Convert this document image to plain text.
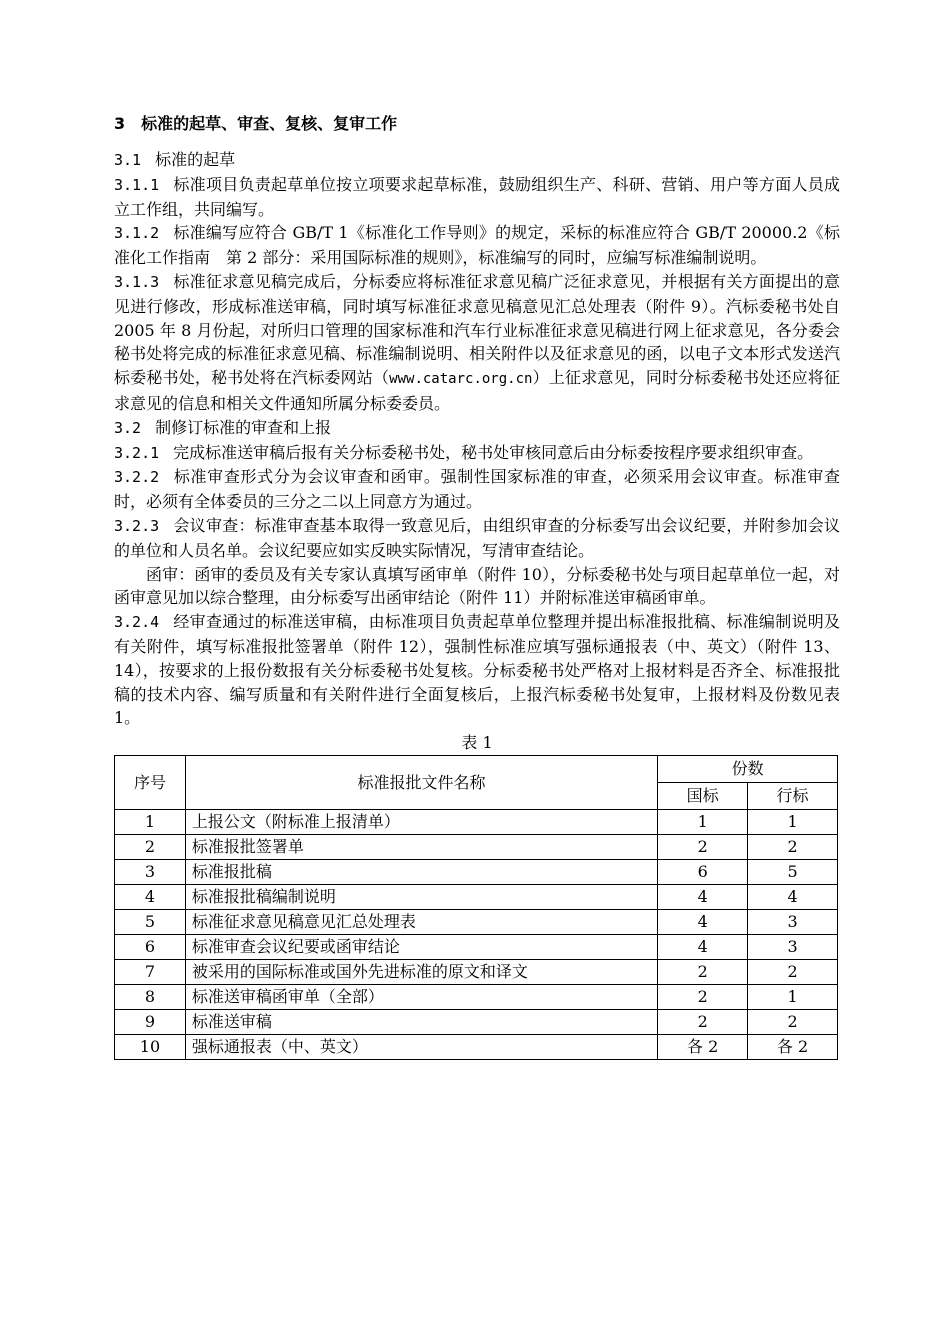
3　标准的起草、审查、复核、复审工作

3.1 标准的起草

3.1.1 标准项目负责起草单位按立项要求起草标准，鼓励组织生产、科研、营销、用户等方面人员成立工作组，共同编写。

3.1.2 标准编写应符合 GB/T 1《标准化工作导则》的规定，采标的标准应符合 GB/T 20000.2《标准化工作指南　第 2 部分：采用国际标准的规则》，标准编写的同时，应编写标准编制说明。

3.1.3 标准征求意见稿完成后，分标委应将标准征求意见稿广泛征求意见，并根据有关方面提出的意见进行修改，形成标准送审稿，同时填写标准征求意见稿意见汇总处理表（附件 9）。汽标委秘书处自 2005 年 8 月份起，对所归口管理的国家标准和汽车行业标准征求意见稿进行网上征求意见，各分委会秘书处将完成的标准征求意见稿、标准编制说明、相关附件以及征求意见的函，以电子文本形式发送汽标委秘书处，秘书处将在汽标委网站（www.catarc.org.cn）上征求意见，同时分标委秘书处还应将征求意见的信息和相关文件通知所属分标委委员。

3.2 制修订标准的审查和上报

3.2.1 完成标准送审稿后报有关分标委秘书处，秘书处审核同意后由分标委按程序要求组织审查。

3.2.2 标准审查形式分为会议审查和函审。强制性国家标准的审查，必须采用会议审查。标准审查时，必须有全体委员的三分之二以上同意方为通过。

3.2.3 会议审查：标准审查基本取得一致意见后，由组织审查的分标委写出会议纪要，并附参加会议的单位和人员名单。会议纪要应如实反映实际情况，写清审查结论。

函审：函审的委员及有关专家认真填写函审单（附件 10），分标委秘书处与项目起草单位一起，对函审意见加以综合整理，由分标委写出函审结论（附件 11）并附标准送审稿函审单。

3.2.4 经审查通过的标准送审稿，由标准项目负责起草单位整理并提出标准报批稿、标准编制说明及有关附件，填写标准报批签署单（附件 12），强制性标准应填写强标通报表（中、英文）（附件 13、14），按要求的上报份数报有关分标委秘书处复核。分标委秘书处严格对上报材料是否齐全、标准报批稿的技术内容、编写质量和有关附件进行全面复核后，上报汽标委秘书处复审，上报材料及份数见表 1。

表 1

序号	标准报批文件名称	份数	
		国标	行标
1	上报公文（附标准上报清单）	1	1
2	标准报批签署单	2	2
3	标准报批稿	6	5
4	标准报批稿编制说明	4	4
5	标准征求意见稿意见汇总处理表	4	3
6	标准审查会议纪要或函审结论	4	3
7	被采用的国际标准或国外先进标准的原文和译文	2	2
8	标准送审稿函审单（全部）	2	1
9	标准送审稿	2	2
10	强标通报表（中、英文）	各 2	各 2
